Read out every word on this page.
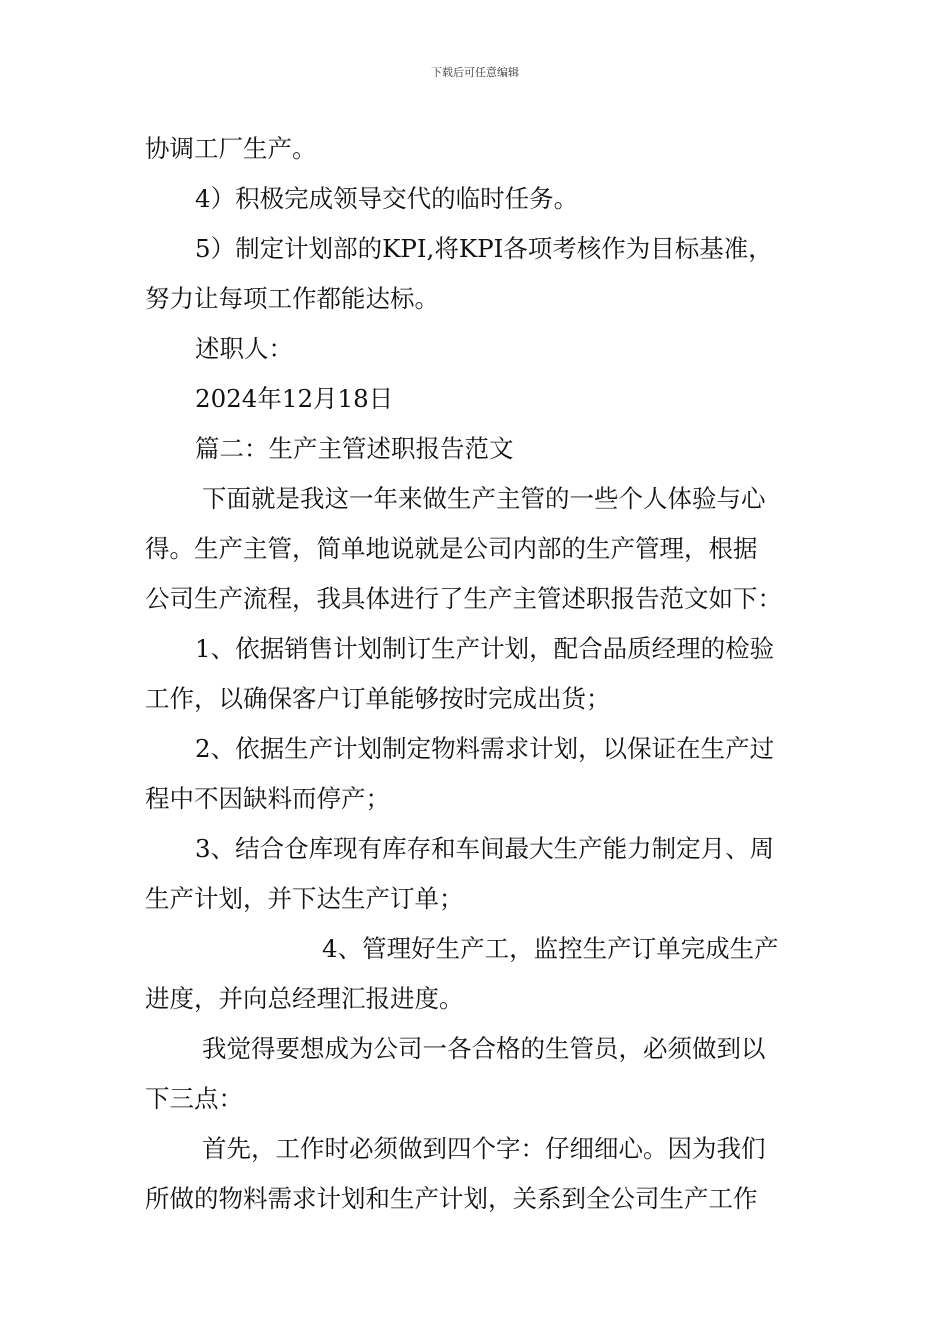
下载后可任意编辑
协调工厂生产。
4）积极完成领导交代的临时任务。
5）制定计划部的KPI,将KPI各项考核作为目标基准，
努力让每项工作都能达标。
述职人：
2024年12月18日
篇二：生产主管述职报告范文
下面就是我这一年来做生产主管的一些个人体验与心
得。生产主管，简单地说就是公司内部的生产管理，根据
公司生产流程，我具体进行了生产主管述职报告范文如下：
1、依据销售计划制订生产计划，配合品质经理的检验
工作，以确保客户订单能够按时完成出货；
2、依据生产计划制定物料需求计划，以保证在生产过
程中不因缺料而停产；
3、结合仓库现有库存和车间最大生产能力制定月、周
生产计划，并下达生产订单；
4、管理好生产工，监控生产订单完成生产
进度，并向总经理汇报进度。
我觉得要想成为公司一各合格的生管员，必须做到以
下三点：
首先，工作时必须做到四个字：仔细细心。因为我们
所做的物料需求计划和生产计划，关系到全公司生产工作
